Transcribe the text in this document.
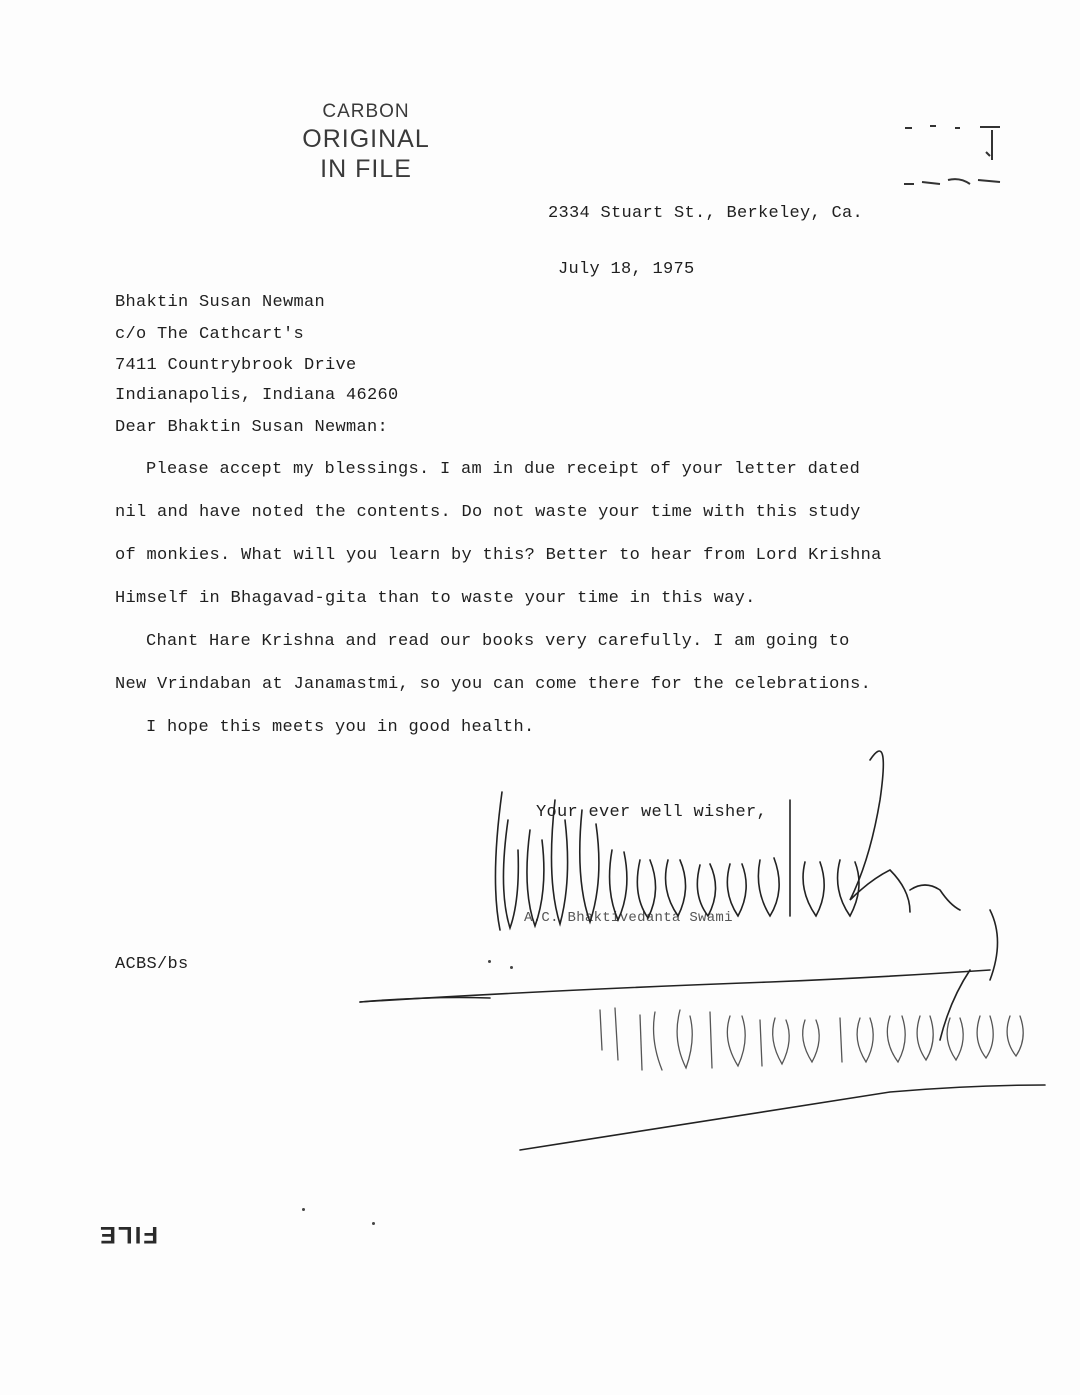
CARBON
ORIGINAL
IN FILE
2334 Stuart St., Berkeley, Ca.
July 18, 1975
Bhaktin Susan Newman
c/o The Cathcart's
7411 Countrybrook Drive
Indianapolis, Indiana 46260
Dear Bhaktin Susan Newman:
Please accept my blessings. I am in due receipt of your letter dated
nil and have noted the contents. Do not waste your time with this study
of monkies. What will you learn by this? Better to hear from Lord Krishna
Himself in Bhagavad-gita than to waste your time in this way.
Chant Hare Krishna and read our books very carefully. I am going to
New Vrindaban at Janamastmi, so you can come there for the celebrations.
I hope this meets you in good health.
Your ever well wisher,
A.C. Bhaktivedanta Swami
ACBS/bs
FILE
